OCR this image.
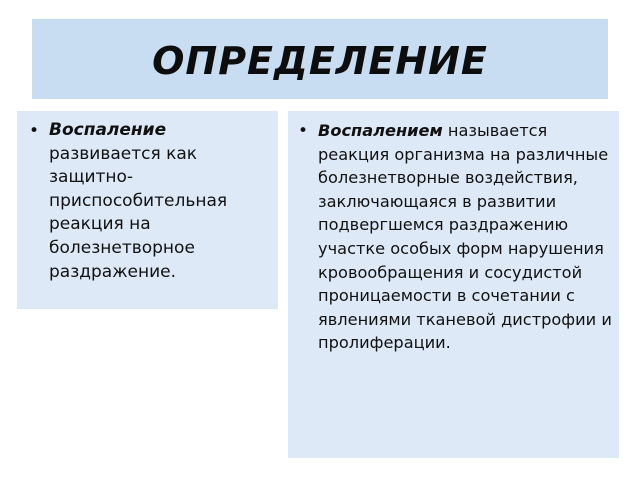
ОПРЕДЕЛЕНИЕ
• Воспаление развивается как защитно-приспособительная реакция на болезнетворное раздражение.
• Воспалением называется реакция организма на различные болезнетворные воздействия, заключающаяся в развитии подвергшемся раздражению участке особых форм нарушения кровообращения и сосудистой проницаемости в сочетании с явлениями тканевой дистрофии и пролиферации.
